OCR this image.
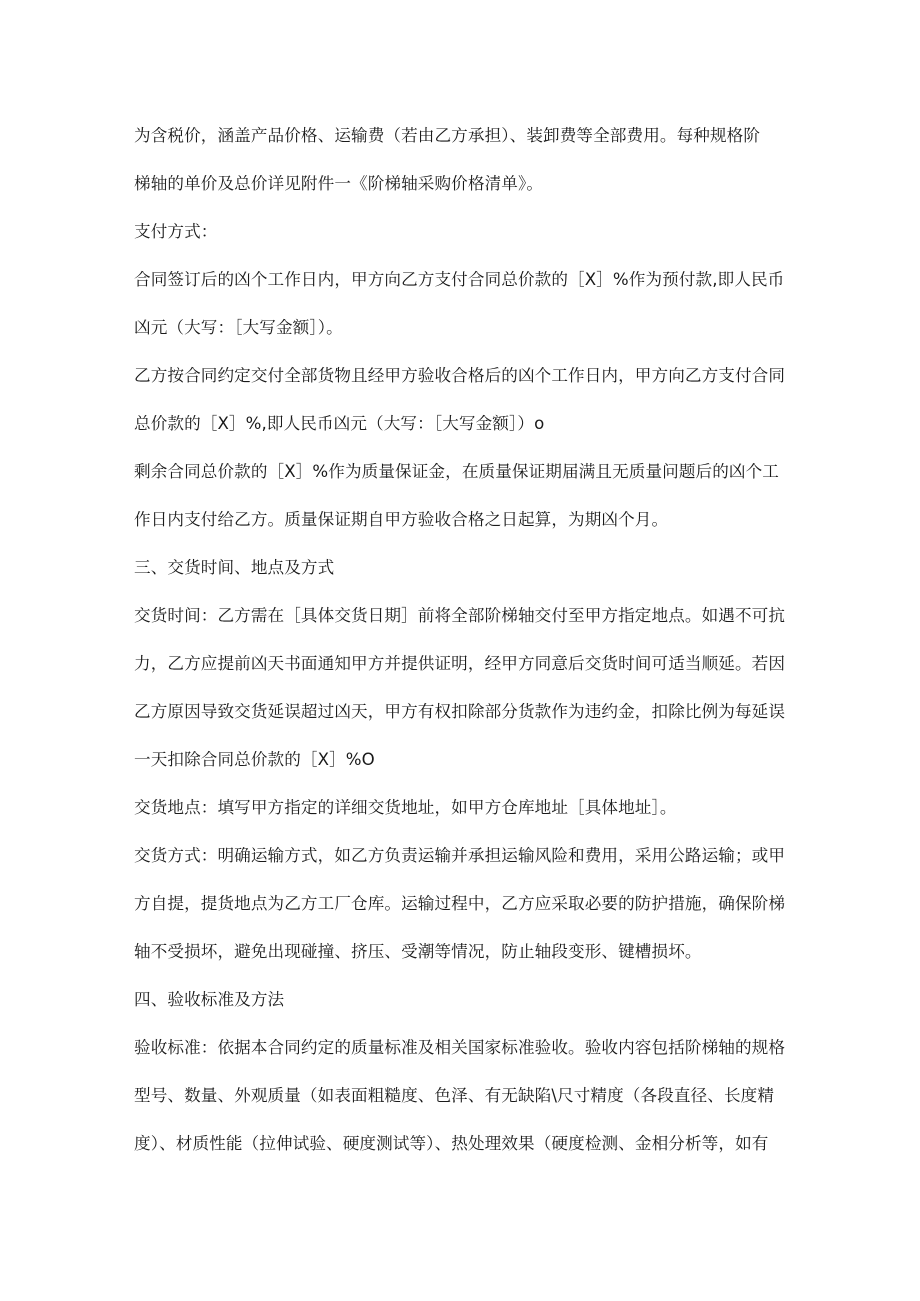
为含税价，涵盖产品价格、运输费（若由乙方承担）、装卸费等全部费用。每种规格阶
梯轴的单价及总价详见附件一《阶梯轴采购价格清单》。
支付方式：
合同签订后的凶个工作日内，甲方向乙方支付合同总价款的［X］%作为预付款,即人民币
凶元（大写：［大写金额］）。
乙方按合同约定交付全部货物且经甲方验收合格后的凶个工作日内，甲方向乙方支付合同
总价款的［X］%,即人民币凶元（大写：［大写金额］）o
剩余合同总价款的［X］%作为质量保证金，在质量保证期届满且无质量问题后的凶个工
作日内支付给乙方。质量保证期自甲方验收合格之日起算，为期凶个月。
三、交货时间、地点及方式
交货时间：乙方需在［具体交货日期］前将全部阶梯轴交付至甲方指定地点。如遇不可抗
力，乙方应提前凶天书面通知甲方并提供证明，经甲方同意后交货时间可适当顺延。若因
乙方原因导致交货延误超过凶天，甲方有权扣除部分货款作为违约金，扣除比例为每延误
一天扣除合同总价款的［X］%O
交货地点：填写甲方指定的详细交货地址，如甲方仓库地址［具体地址］。
交货方式：明确运输方式，如乙方负责运输并承担运输风险和费用，采用公路运输；或甲
方自提，提货地点为乙方工厂仓库。运输过程中，乙方应采取必要的防护措施，确保阶梯
轴不受损坏，避免出现碰撞、挤压、受潮等情况，防止轴段变形、键槽损坏。
四、验收标准及方法
验收标准：依据本合同约定的质量标准及相关国家标准验收。验收内容包括阶梯轴的规格
型号、数量、外观质量（如表面粗糙度、色泽、有无缺陷\尺寸精度（各段直径、长度精
度）、材质性能（拉伸试验、硬度测试等）、热处理效果（硬度检测、金相分析等，如有
